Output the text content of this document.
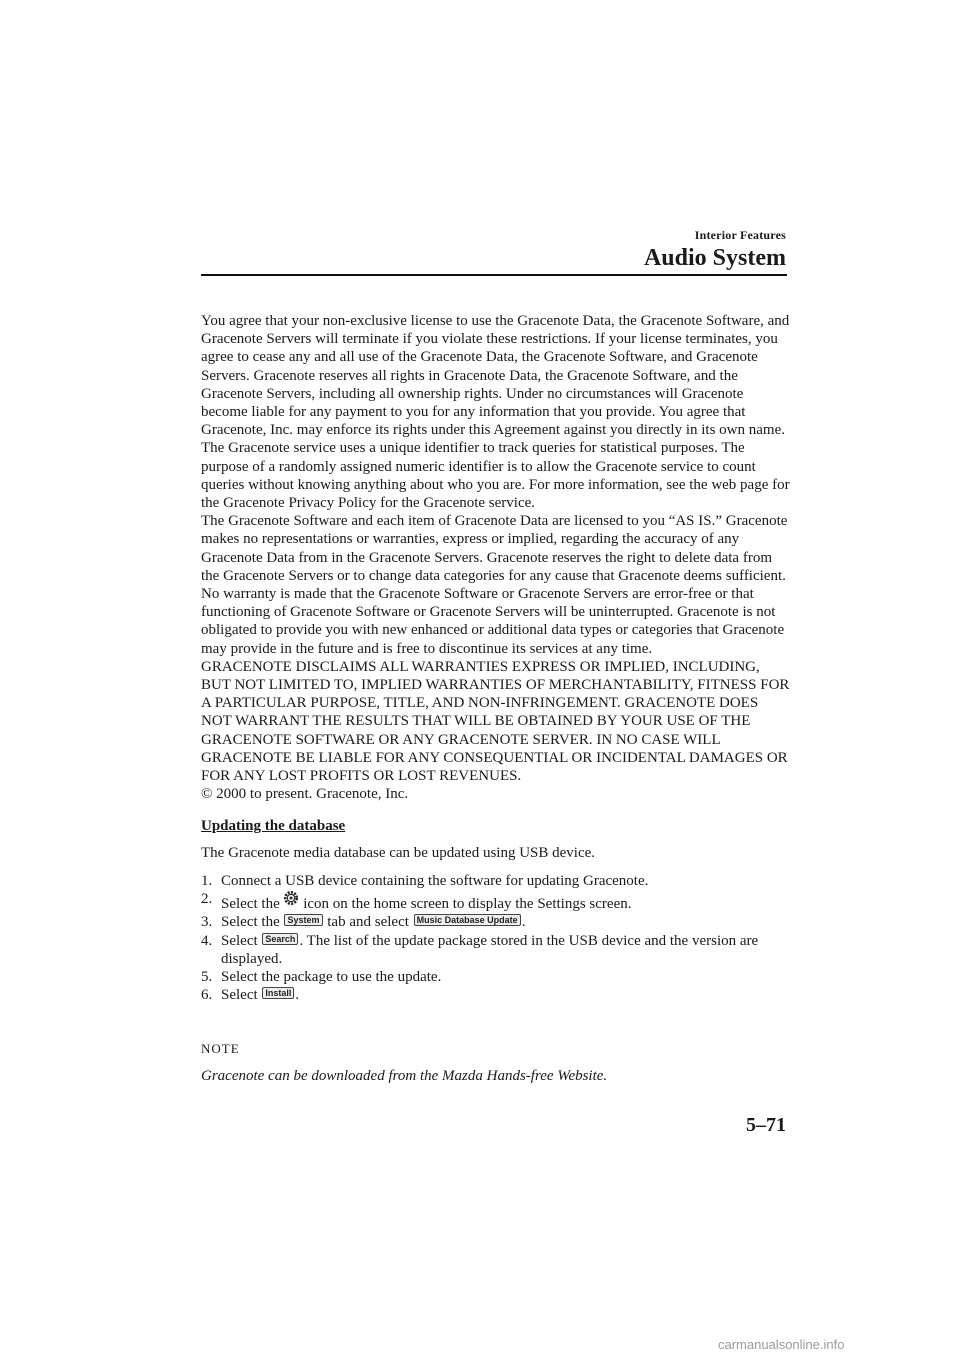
Interior Features
Audio System

You agree that your non-exclusive license to use the Gracenote Data, the Gracenote Software, and Gracenote Servers will terminate if you violate these restrictions. If your license terminates, you agree to cease any and all use of the Gracenote Data, the Gracenote Software, and Gracenote Servers. Gracenote reserves all rights in Gracenote Data, the Gracenote Software, and the Gracenote Servers, including all ownership rights. Under no circumstances will Gracenote become liable for any payment to you for any information that you provide. You agree that Gracenote, Inc. may enforce its rights under this Agreement against you directly in its own name.

The Gracenote service uses a unique identifier to track queries for statistical purposes. The purpose of a randomly assigned numeric identifier is to allow the Gracenote service to count queries without knowing anything about who you are. For more information, see the web page for the Gracenote Privacy Policy for the Gracenote service.

The Gracenote Software and each item of Gracenote Data are licensed to you “AS IS.” Gracenote makes no representations or warranties, express or implied, regarding the accuracy of any Gracenote Data from in the Gracenote Servers. Gracenote reserves the right to delete data from the Gracenote Servers or to change data categories for any cause that Gracenote deems sufficient. No warranty is made that the Gracenote Software or Gracenote Servers are error-free or that functioning of Gracenote Software or Gracenote Servers will be uninterrupted. Gracenote is not obligated to provide you with new enhanced or additional data types or categories that Gracenote may provide in the future and is free to discontinue its services at any time.

GRACENOTE DISCLAIMS ALL WARRANTIES EXPRESS OR IMPLIED, INCLUDING, BUT NOT LIMITED TO, IMPLIED WARRANTIES OF MERCHANTABILITY, FITNESS FOR A PARTICULAR PURPOSE, TITLE, AND NON-INFRINGEMENT. GRACENOTE DOES NOT WARRANT THE RESULTS THAT WILL BE OBTAINED BY YOUR USE OF THE GRACENOTE SOFTWARE OR ANY GRACENOTE SERVER. IN NO CASE WILL GRACENOTE BE LIABLE FOR ANY CONSEQUENTIAL OR INCIDENTAL DAMAGES OR FOR ANY LOST PROFITS OR LOST REVENUES.

© 2000 to present. Gracenote, Inc.

Updating the database

The Gracenote media database can be updated using USB device.

1. Connect a USB device containing the software for updating Gracenote.
2. Select the icon on the home screen to display the Settings screen.
3. Select the System tab and select Music Database Update .
4. Select Search . The list of the update package stored in the USB device and the version are displayed.
5. Select the package to use the update.
6. Select Install .

NOTE

Gracenote can be downloaded from the Mazda Hands-free Website.

5–71
carmanualsonline.info
